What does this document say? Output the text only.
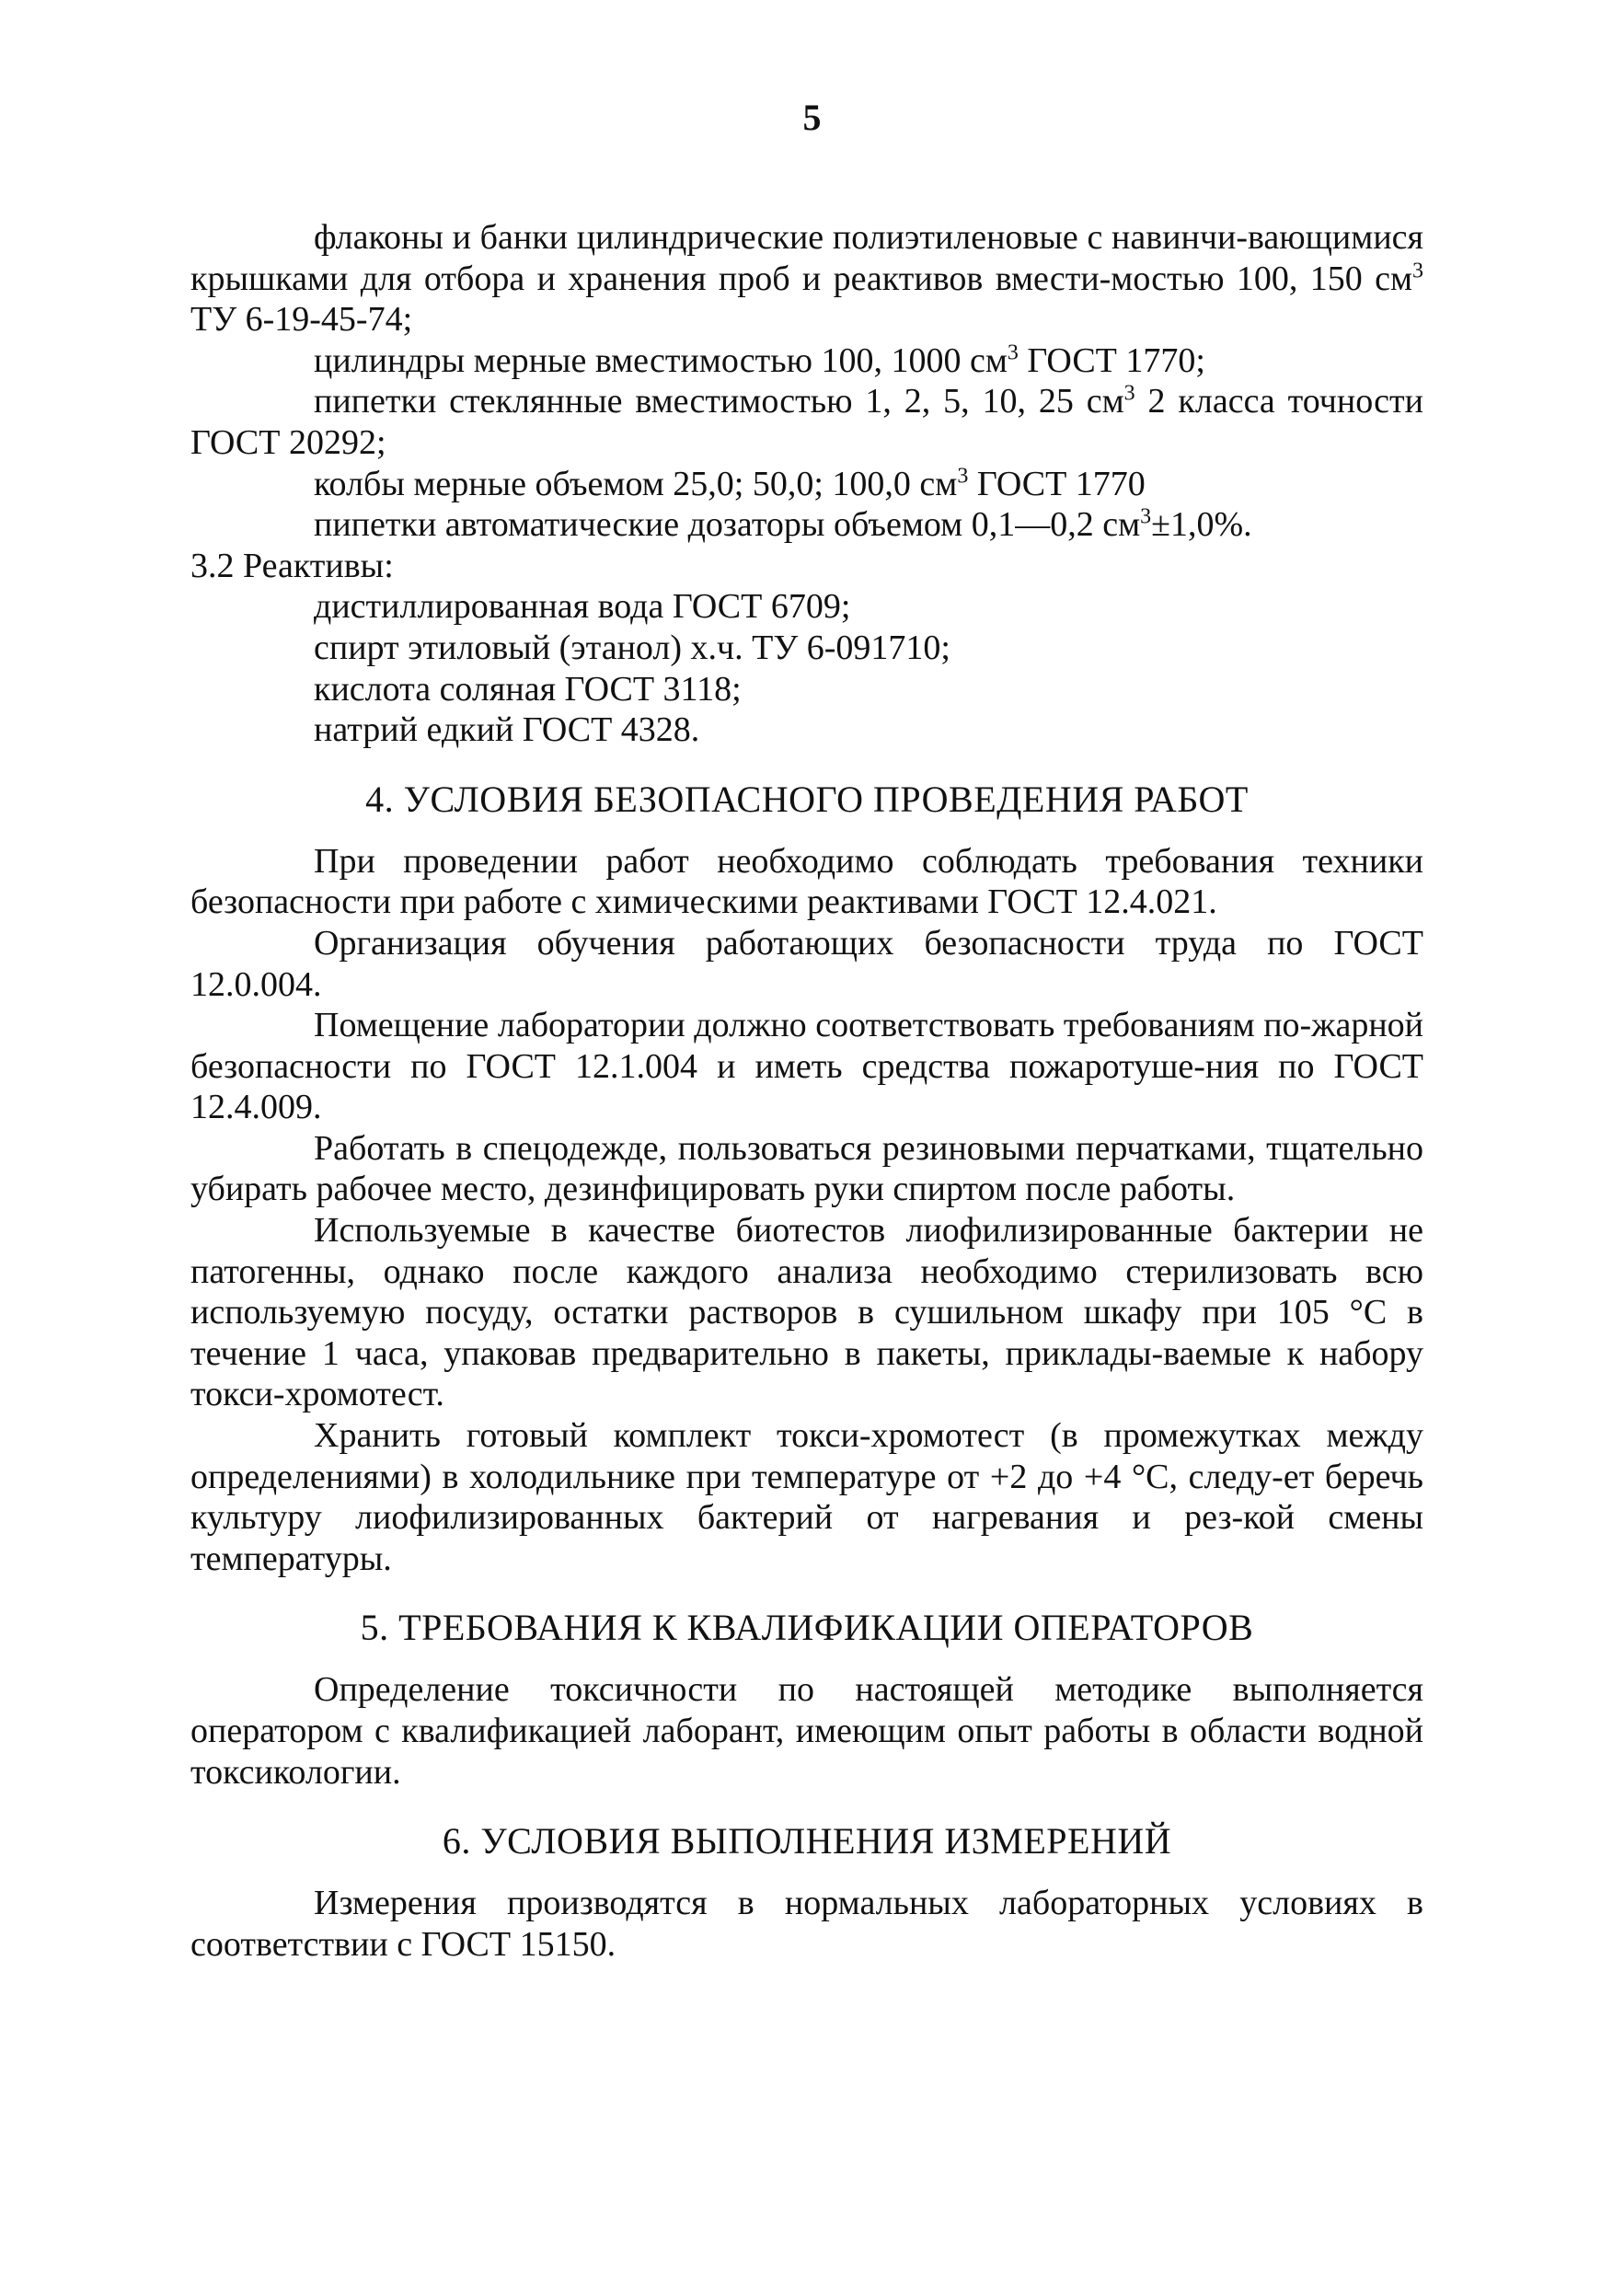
5

флаконы и банки цилиндрические полиэтиленовые с навинчи-вающимися крышками для отбора и хранения проб и реактивов вмести-мостью 100, 150 $см^3$ ТУ 6-19-45-74;

цилиндры мерные вместимостью 100, 1000 $см^3$ ГОСТ 1770;

пипетки стеклянные вместимостью 1, 2, 5, 10, 25 $см^3$ 2 класса точности ГОСТ 20292;

колбы мерные объемом 25,0; 50,0; 100,0 $см^3$ ГОСТ 1770

пипетки автоматические дозаторы объемом 0,1—0,2 $см^3\pm 1,0\%$.

3.2 Реактивы:

дистиллированная вода ГОСТ 6709;

спирт этиловый (этанол) х.ч. ТУ 6-091710;

кислота соляная ГОСТ 3118;

натрий едкий ГОСТ 4328.

4. УСЛОВИЯ БЕЗОПАСНОГО ПРОВЕДЕНИЯ РАБОТ

При проведении работ необходимо соблюдать требования техники безопасности при работе с химическими реактивами ГОСТ 12.4.021.

Организация обучения работающих безопасности труда по ГОСТ 12.0.004.

Помещение лаборатории должно соответствовать требованиям по-жарной безопасности по ГОСТ 12.1.004 и иметь средства пожаротуше-ния по ГОСТ 12.4.009.

Работать в спецодежде, пользоваться резиновыми перчатками, тщательно убирать рабочее место, дезинфицировать руки спиртом после работы.

Используемые в качестве биотестов лиофилизированные бактерии не патогенны, однако после каждого анализа необходимо стерилизовать всю используемую посуду, остатки растворов в сушильном шкафу при 105 °С в течение 1 часа, упаковав предварительно в пакеты, приклады-ваемые к набору токси-хромотест.

Хранить готовый комплект токси-хромотест (в промежутках между определениями) в холодильнике при температуре от +2 до +4 °С, следу-ет беречь культуру лиофилизированных бактерий от нагревания и рез-кой смены температуры.

5. ТРЕБОВАНИЯ К КВАЛИФИКАЦИИ ОПЕРАТОРОВ

Определение токсичности по настоящей методике выполняется оператором с квалификацией лаборант, имеющим опыт работы в области водной токсикологии.

6. УСЛОВИЯ ВЫПОЛНЕНИЯ ИЗМЕРЕНИЙ

Измерения производятся в нормальных лабораторных условиях в соответствии с ГОСТ 15150.
